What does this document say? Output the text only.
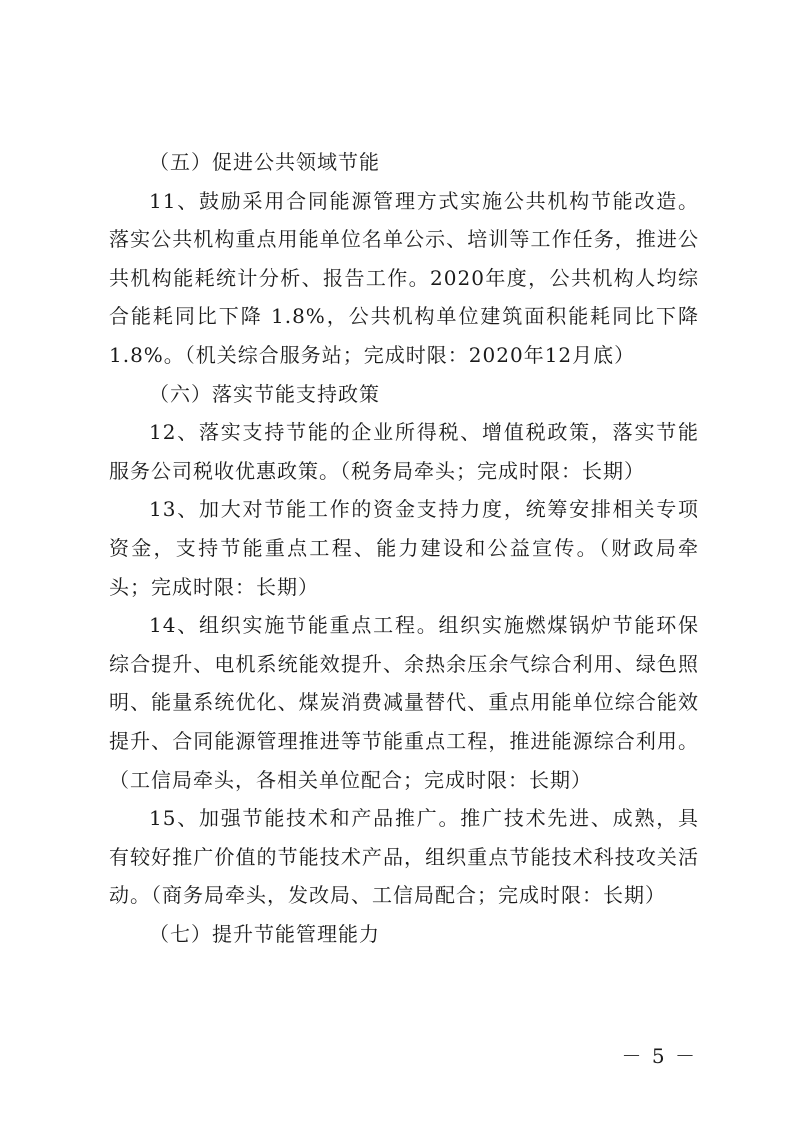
（五）促进公共领域节能

11、鼓励采用合同能源管理方式实施公共机构节能改造。落实公共机构重点用能单位名单公示、培训等工作任务，推进公共机构能耗统计分析、报告工作。2020年度，公共机构人均综合能耗同比下降 1.8%，公共机构单位建筑面积能耗同比下降1.8%。（机关综合服务站；完成时限：2020年12月底）

（六）落实节能支持政策

12、落实支持节能的企业所得税、增值税政策，落实节能服务公司税收优惠政策。（税务局牵头；完成时限：长期）

13、加大对节能工作的资金支持力度，统筹安排相关专项资金，支持节能重点工程、能力建设和公益宣传。（财政局牵头；完成时限：长期）

14、组织实施节能重点工程。组织实施燃煤锅炉节能环保综合提升、电机系统能效提升、余热余压余气综合利用、绿色照明、能量系统优化、煤炭消费减量替代、重点用能单位综合能效提升、合同能源管理推进等节能重点工程，推进能源综合利用。（工信局牵头，各相关单位配合；完成时限：长期）

15、加强节能技术和产品推广。推广技术先进、成熟，具有较好推广价值的节能技术产品，组织重点节能技术科技攻关活动。（商务局牵头，发改局、工信局配合；完成时限：长期）

（七）提升节能管理能力

－ 5 －
